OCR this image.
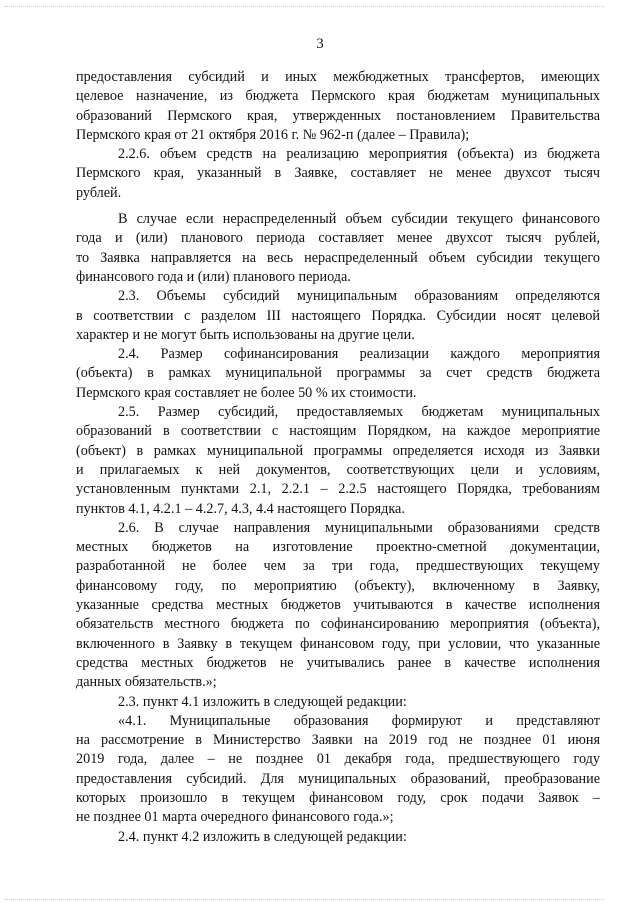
3
предоставления субсидий и иных межбюджетных трансфертов, имеющих
целевое назначение, из бюджета Пермского края бюджетам муниципальных
образований Пермского края, утвержденных постановлением Правительства
Пермского края от 21 октября 2016 г. № 962-п (далее – Правила);
2.2.6. объем средств на реализацию мероприятия (объекта) из бюджета
Пермского края, указанный в Заявке, составляет не менее двухсот тысяч
рублей.
В случае если нераспределенный объем субсидии текущего финансового
года и (или) планового периода составляет менее двухсот тысяч рублей,
то Заявка направляется на весь нераспределенный объем субсидии текущего
финансового года и (или) планового периода.
2.3. Объемы субсидий муниципальным образованиям определяются
в соответствии с разделом III настоящего Порядка. Субсидии носят целевой
характер и не могут быть использованы на другие цели.
2.4. Размер софинансирования реализации каждого мероприятия
(объекта) в рамках муниципальной программы за счет средств бюджета
Пермского края составляет не более 50 % их стоимости.
2.5. Размер субсидий, предоставляемых бюджетам муниципальных
образований в соответствии с настоящим Порядком, на каждое мероприятие
(объект) в рамках муниципальной программы определяется исходя из Заявки
и прилагаемых к ней документов, соответствующих цели и условиям,
установленным пунктами 2.1, 2.2.1 – 2.2.5 настоящего Порядка, требованиям
пунктов 4.1, 4.2.1 – 4.2.7, 4.3, 4.4 настоящего Порядка.
2.6. В случае направления муниципальными образованиями средств
местных бюджетов на изготовление проектно-сметной документации,
разработанной не более чем за три года, предшествующих текущему
финансовому году, по мероприятию (объекту), включенному в Заявку,
указанные средства местных бюджетов учитываются в качестве исполнения
обязательств местного бюджета по софинансированию мероприятия (объекта),
включенного в Заявку в текущем финансовом году, при условии, что указанные
средства местных бюджетов не учитывались ранее в качестве исполнения
данных обязательств.»;
2.3. пункт 4.1 изложить в следующей редакции:
«4.1. Муниципальные образования формируют и представляют
на рассмотрение в Министерство Заявки на 2019 год не позднее 01 июня
2019 года, далее – не позднее 01 декабря года, предшествующего году
предоставления субсидий. Для муниципальных образований, преобразование
которых произошло в текущем финансовом году, срок подачи Заявок –
не позднее 01 марта очередного финансового года.»;
2.4. пункт 4.2 изложить в следующей редакции:
